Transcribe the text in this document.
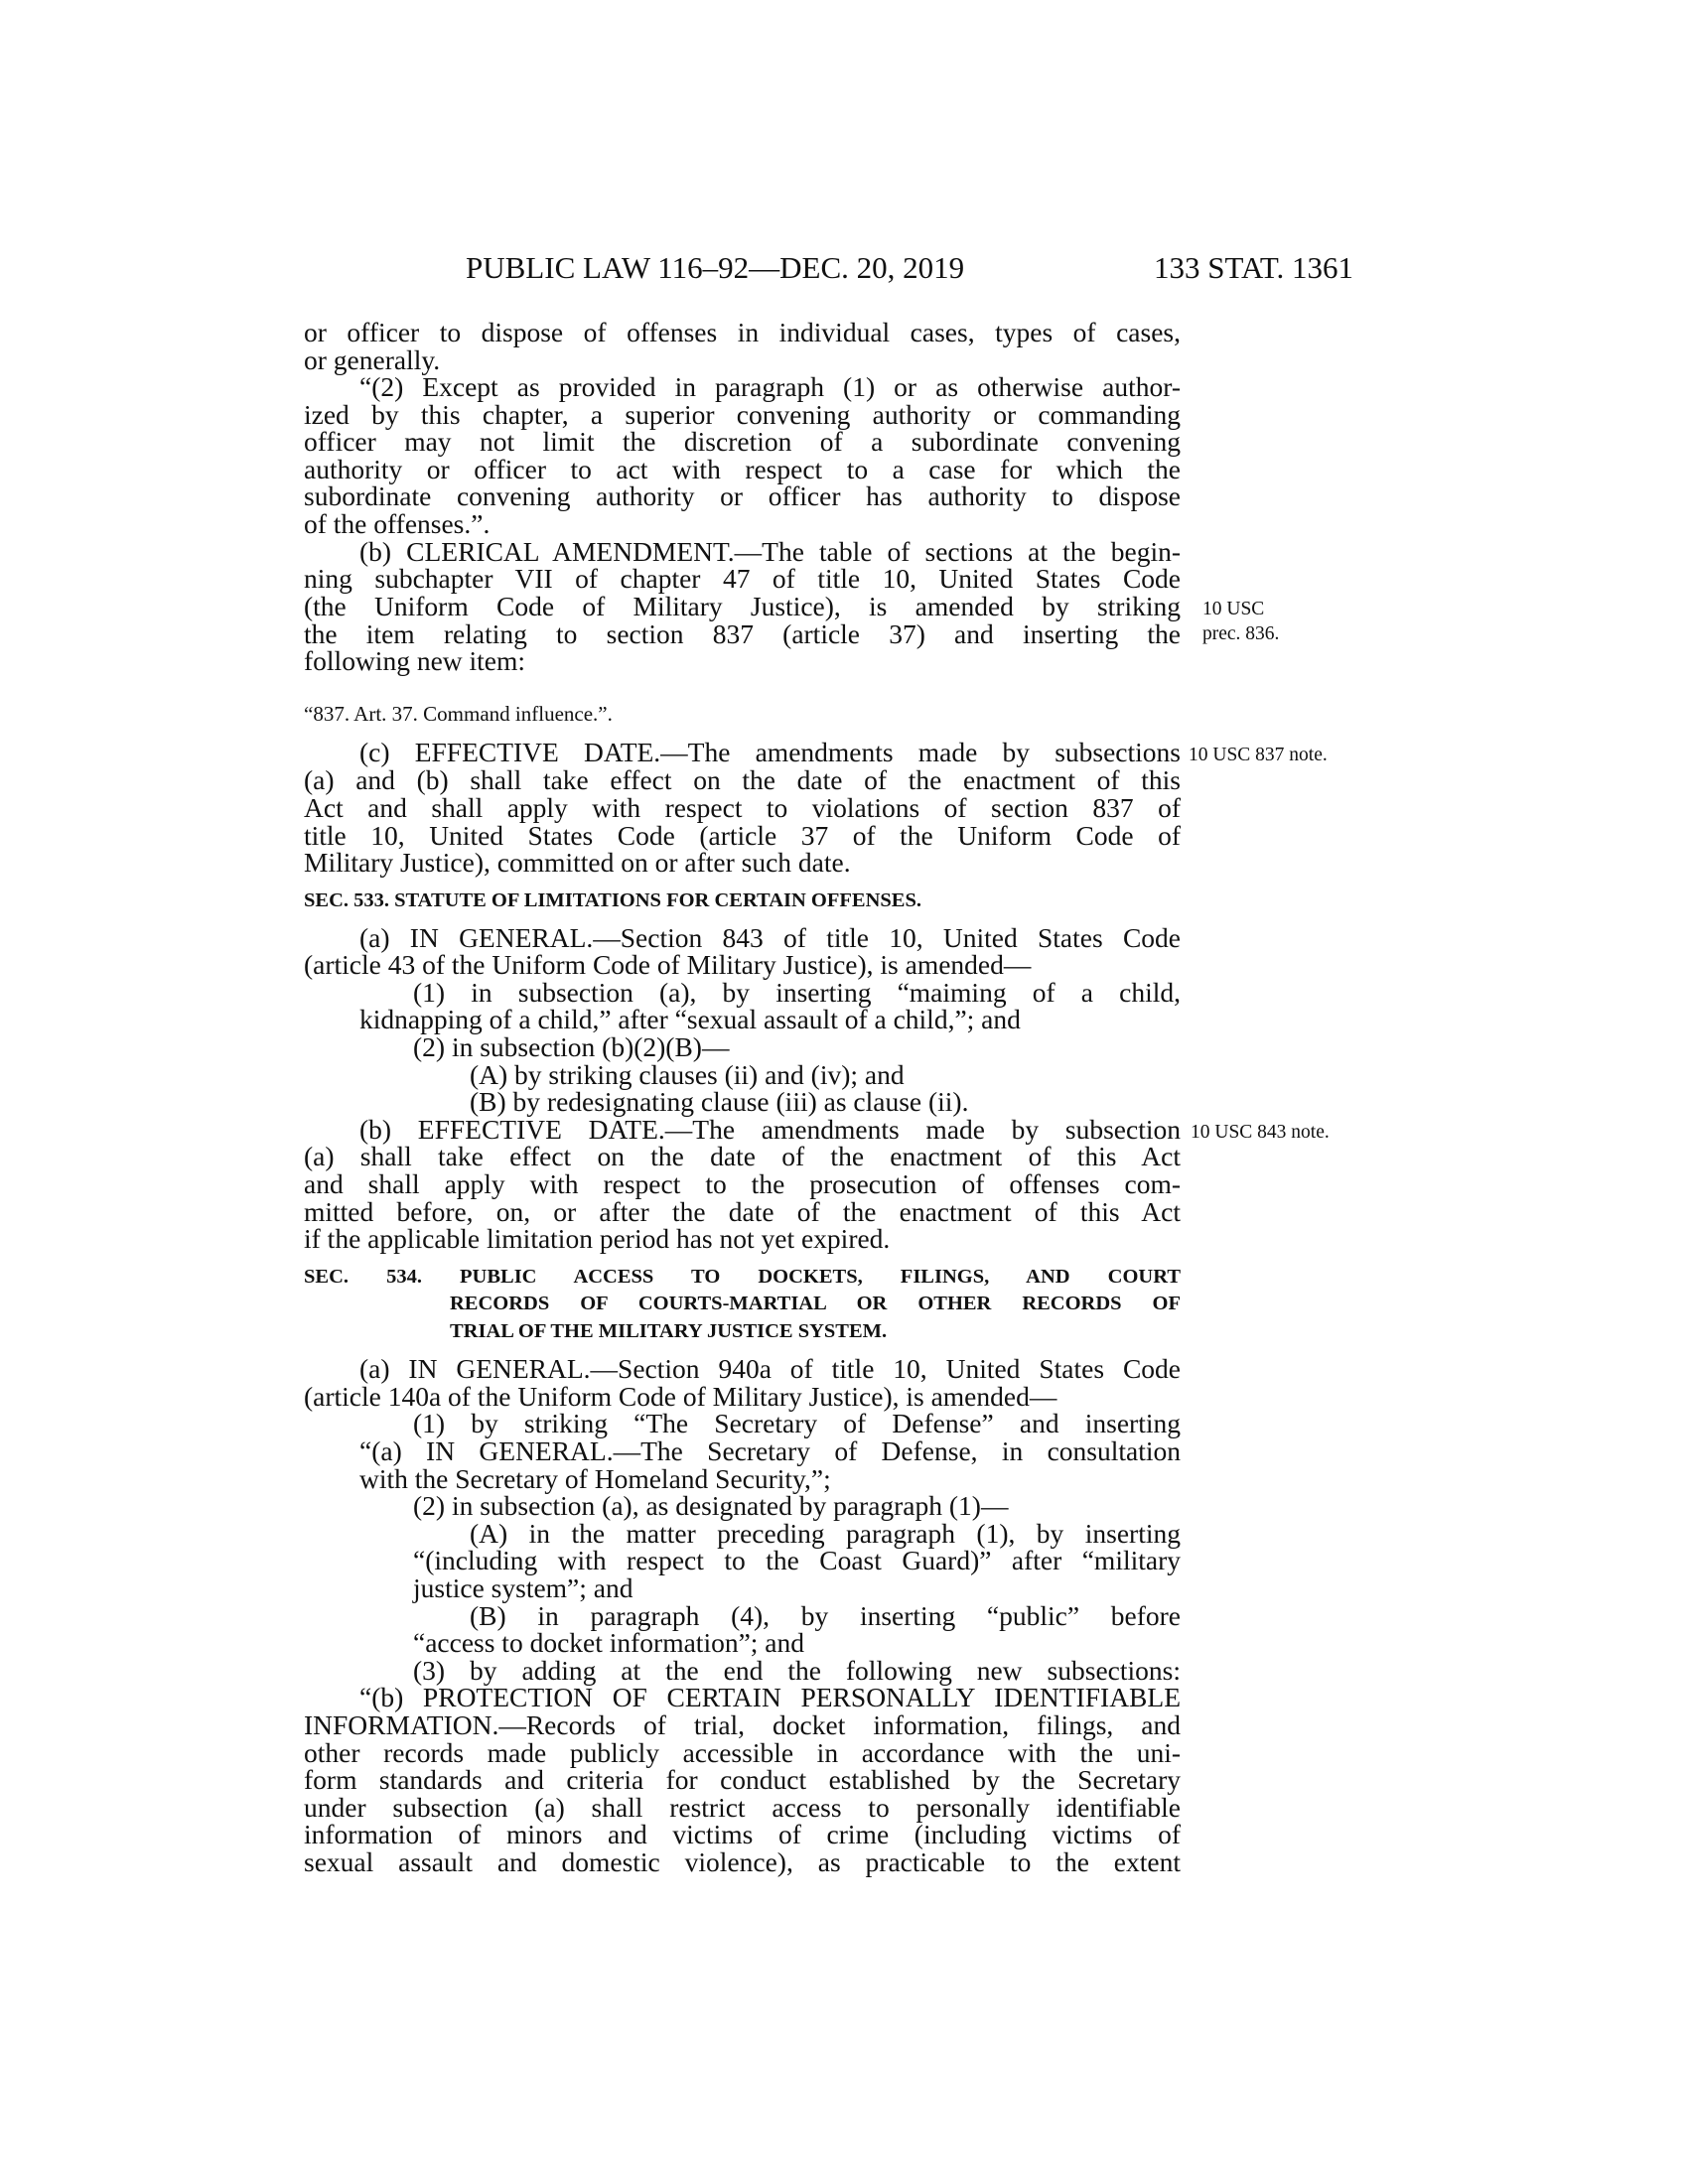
PUBLIC LAW 116–92—DEC. 20, 2019	133 STAT. 1361
or officer to dispose of offenses in individual cases, types of cases,
or generally.
“(2) Except as provided in paragraph (1) or as otherwise author-
ized by this chapter, a superior convening authority or commanding
officer may not limit the discretion of a subordinate convening
authority or officer to act with respect to a case for which the
subordinate convening authority or officer has authority to dispose
of the offenses.”.
(b) CLERICAL AMENDMENT.—The table of sections at the begin-
ning subchapter VII of chapter 47 of title 10, United States Code
(the Uniform Code of Military Justice), is amended by striking
the item relating to section 837 (article 37) and inserting the
following new item:
“837. Art. 37. Command influence.”.
(c) EFFECTIVE DATE.—The amendments made by subsections
(a) and (b) shall take effect on the date of the enactment of this
Act and shall apply with respect to violations of section 837 of
title 10, United States Code (article 37 of the Uniform Code of
Military Justice), committed on or after such date.
SEC. 533. STATUTE OF LIMITATIONS FOR CERTAIN OFFENSES.
(a) IN GENERAL.—Section 843 of title 10, United States Code
(article 43 of the Uniform Code of Military Justice), is amended—
(1) in subsection (a), by inserting “maiming of a child,
kidnapping of a child,” after “sexual assault of a child,”; and
(2) in subsection (b)(2)(B)—
(A) by striking clauses (ii) and (iv); and
(B) by redesignating clause (iii) as clause (ii).
(b) EFFECTIVE DATE.—The amendments made by subsection
(a) shall take effect on the date of the enactment of this Act
and shall apply with respect to the prosecution of offenses com-
mitted before, on, or after the date of the enactment of this Act
if the applicable limitation period has not yet expired.
SEC. 534. PUBLIC ACCESS TO DOCKETS, FILINGS, AND COURT
RECORDS OF COURTS-MARTIAL OR OTHER RECORDS OF
TRIAL OF THE MILITARY JUSTICE SYSTEM.
(a) IN GENERAL.—Section 940a of title 10, United States Code
(article 140a of the Uniform Code of Military Justice), is amended—
(1) by striking “The Secretary of Defense” and inserting
“(a) IN GENERAL.—The Secretary of Defense, in consultation
with the Secretary of Homeland Security,”;
(2) in subsection (a), as designated by paragraph (1)—
(A) in the matter preceding paragraph (1), by inserting
“(including with respect to the Coast Guard)” after “military
justice system”; and
(B) in paragraph (4), by inserting “public” before
“access to docket information”; and
(3) by adding at the end the following new subsections:
“(b) PROTECTION OF CERTAIN PERSONALLY IDENTIFIABLE
INFORMATION.—Records of trial, docket information, filings, and
other records made publicly accessible in accordance with the uni-
form standards and criteria for conduct established by the Secretary
under subsection (a) shall restrict access to personally identifiable
information of minors and victims of crime (including victims of
sexual assault and domestic violence), as practicable to the extent
10 USC
prec. 836.
10 USC 837 note.
10 USC 843 note.
